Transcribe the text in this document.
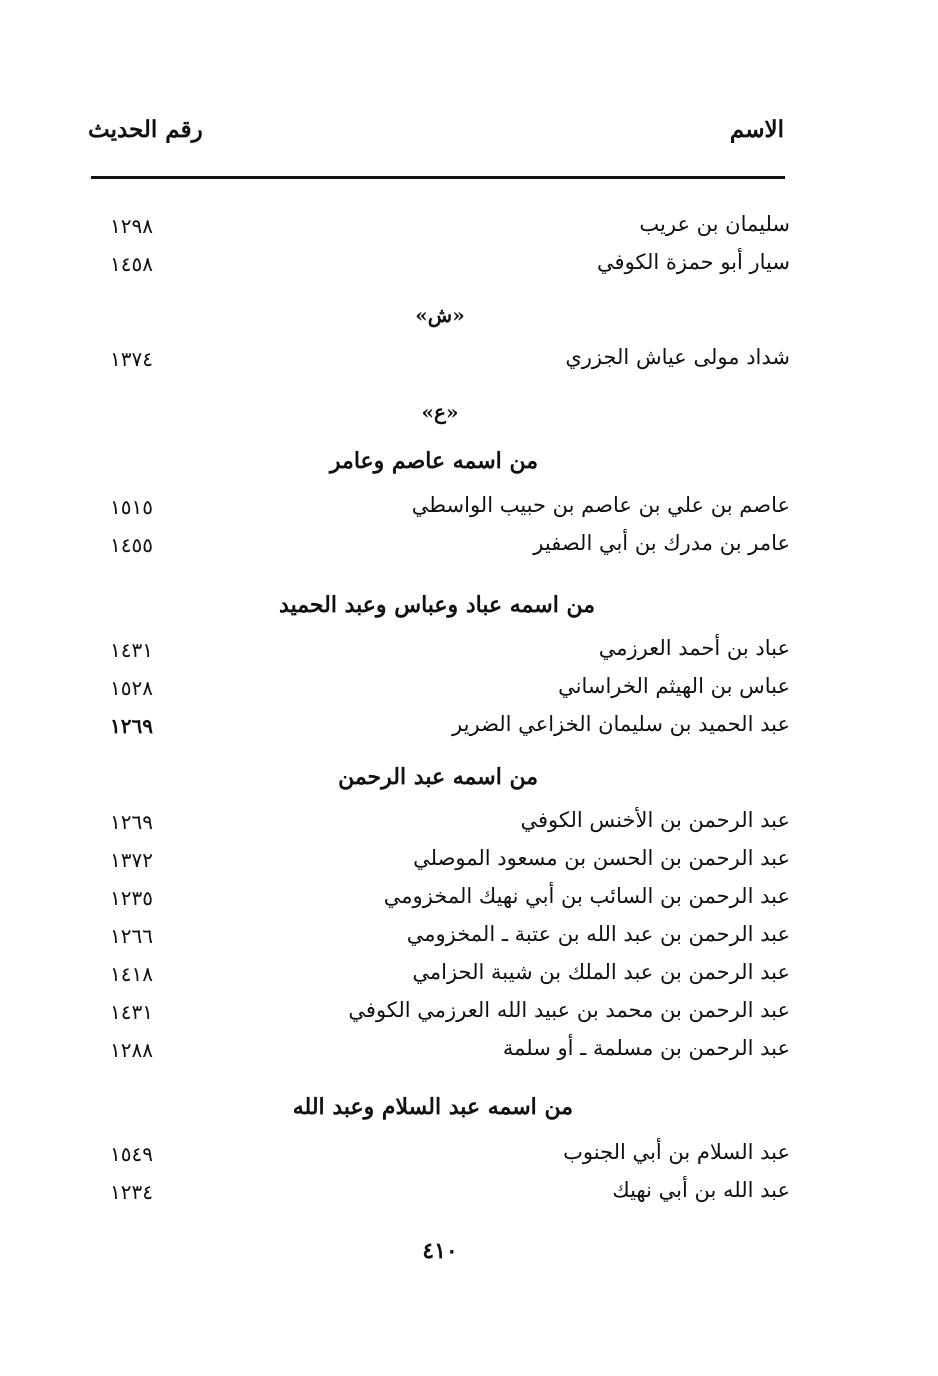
الاسم
رقم الحديث
سليمان بن عريب
١٢٩٨
سيار أبو حمزة الكوفي
١٤٥٨
«ش»
شداد مولى عياش الجزري
١٣٧٤
«ع»
من اسمه عاصم وعامر
عاصم بن علي بن عاصم بن حبيب الواسطي
١٥١٥
عامر بن مدرك بن أبي الصفير
١٤٥٥
من اسمه عباد وعباس وعبد الحميد
عباد بن أحمد العرزمي
١٤٣١
عباس بن الهيثم الخراساني
١٥٢٨
عبد الحميد بن سليمان الخزاعي الضرير
١٢٦٩
من اسمه عبد الرحمن
عبد الرحمن بن الأخنس الكوفي
١٢٦٩
عبد الرحمن بن الحسن بن مسعود الموصلي
١٣٧٢
عبد الرحمن بن السائب بن أبي نهيك المخزومي
١٢٣٥
عبد الرحمن بن عبد الله بن عتبة ـ المخزومي
١٢٦٦
عبد الرحمن بن عبد الملك بن شيبة الحزامي
١٤١٨
عبد الرحمن بن محمد بن عبيد الله العرزمي الكوفي
١٤٣١
عبد الرحمن بن مسلمة ـ أو سلمة
١٢٨٨
من اسمه عبد السلام وعبد الله
عبد السلام بن أبي الجنوب
١٥٤٩
عبد الله بن أبي نهيك
١٢٣٤
٤١٠
